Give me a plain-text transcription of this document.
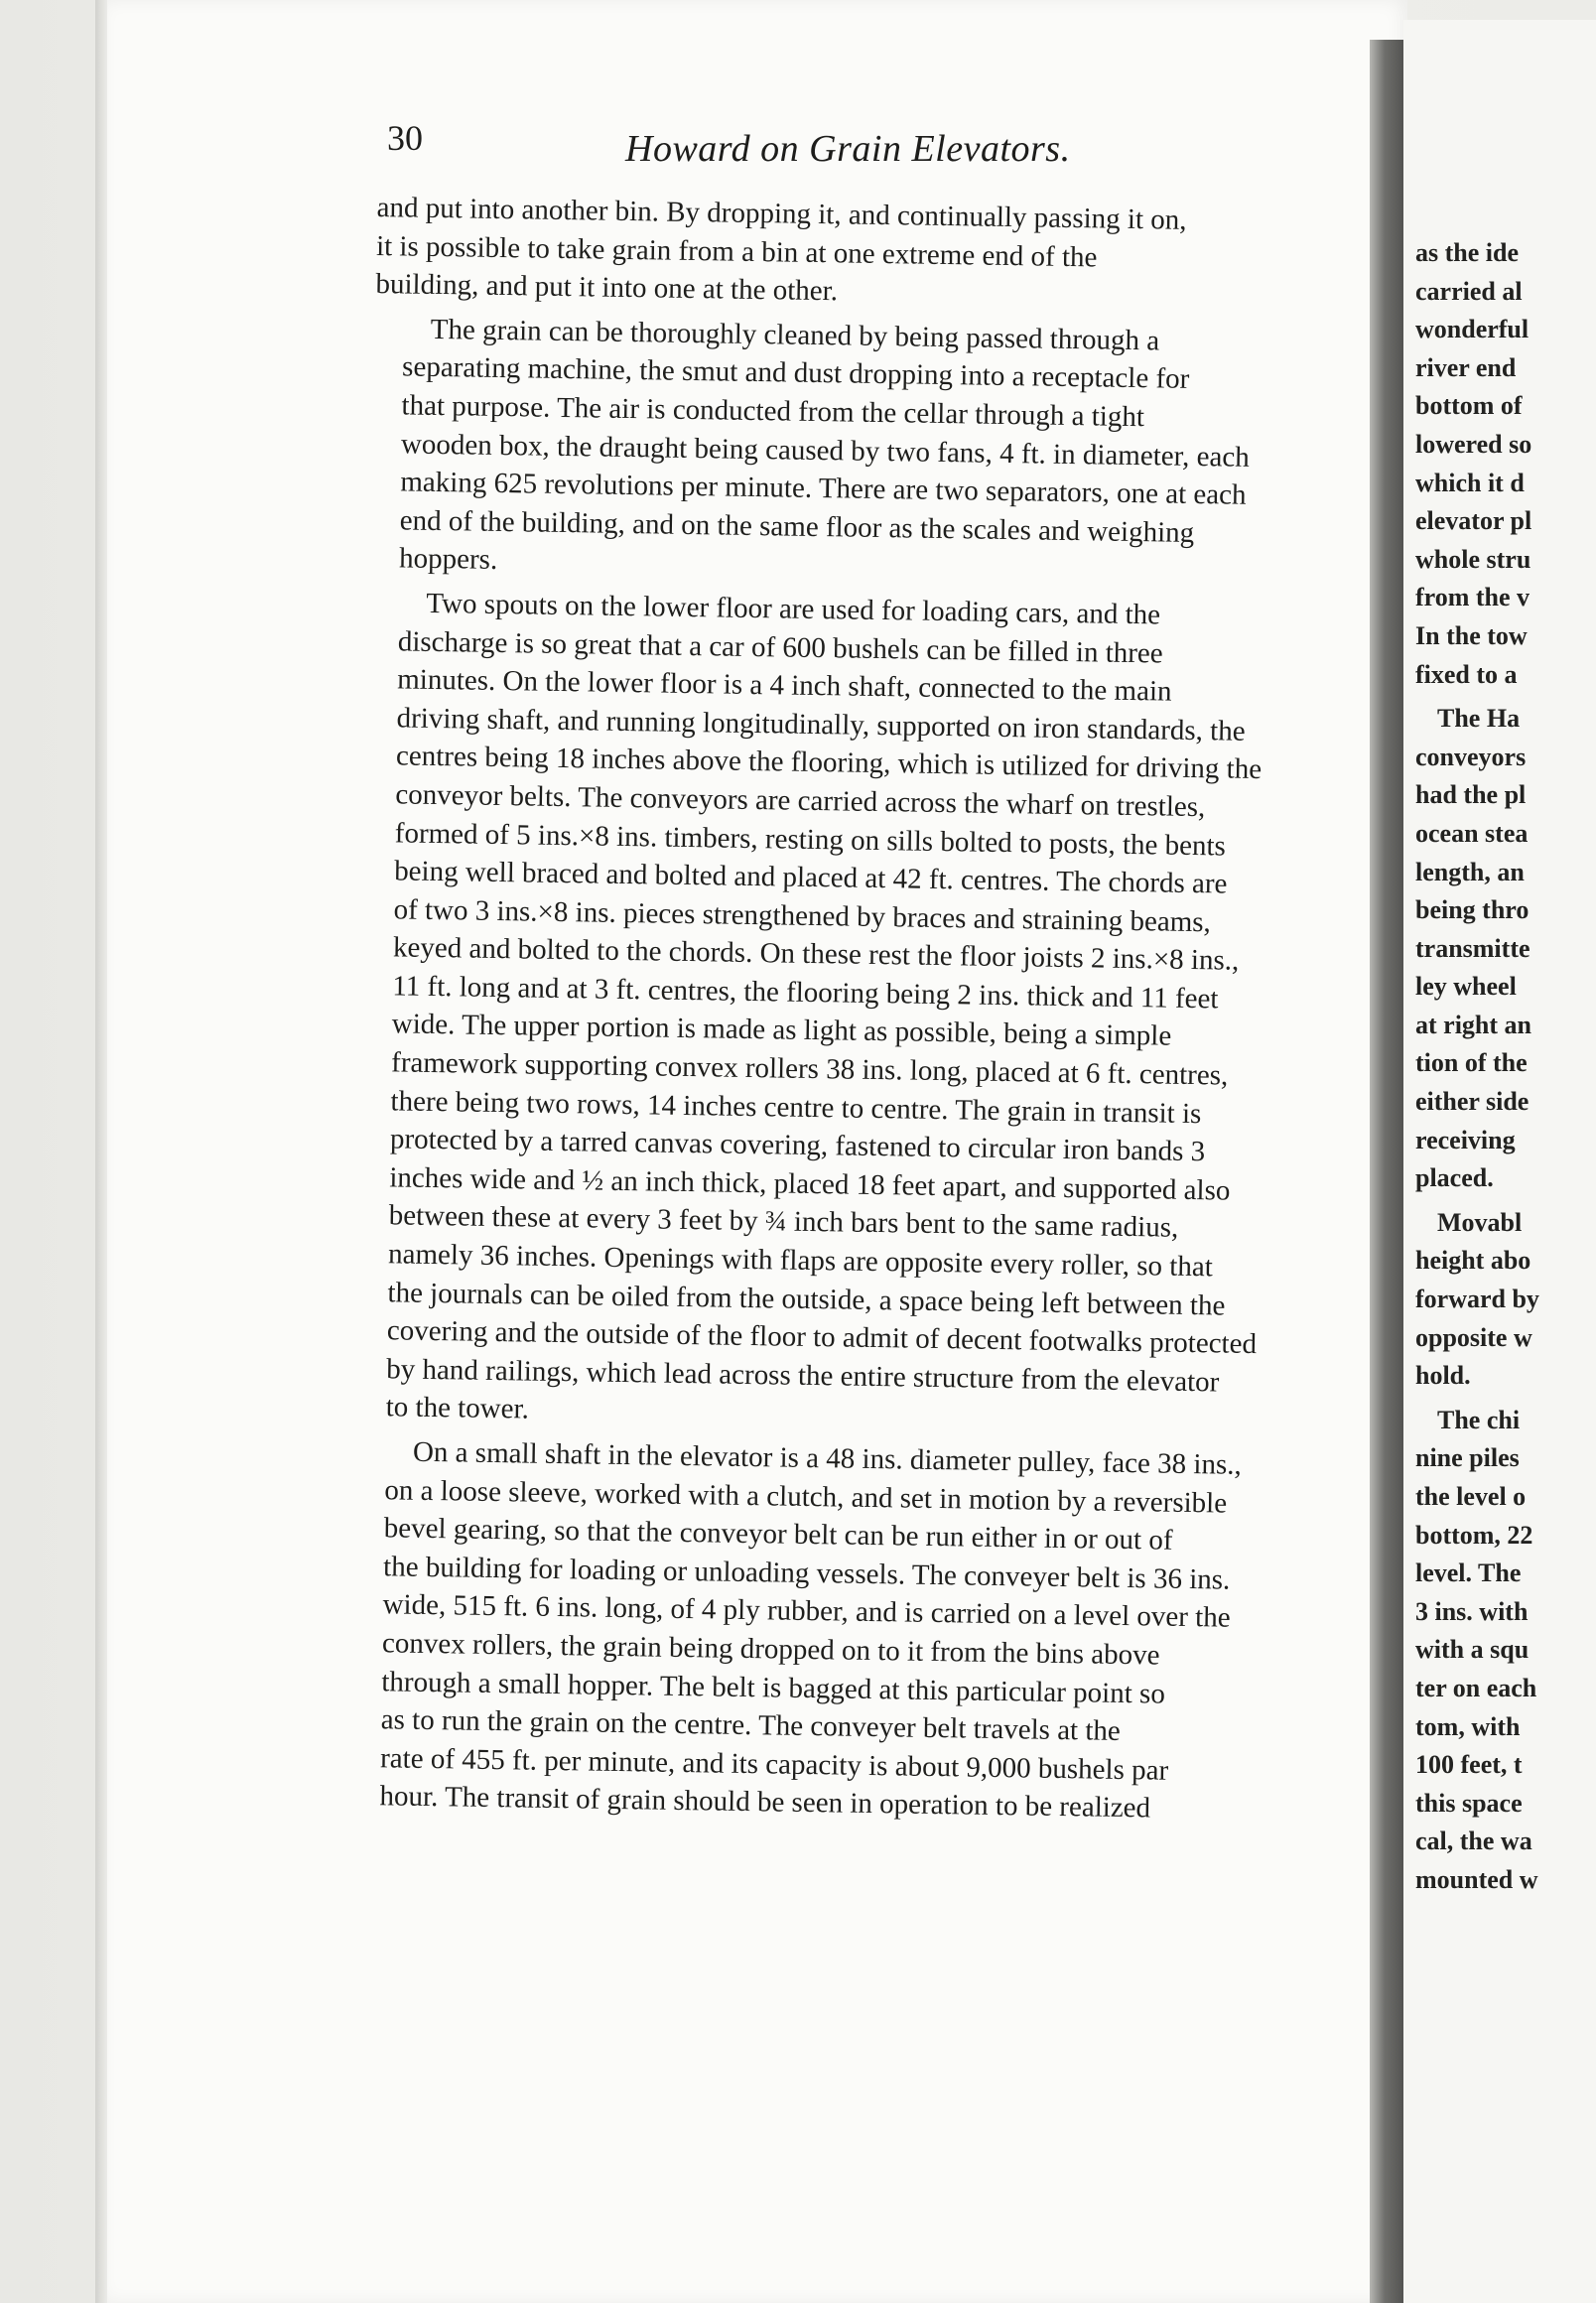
30	Howard on Grain Elevators.
and put into another bin. By dropping it, and continually passing it on,
it is possible to take grain from a bin at one extreme end of the
building, and put it into one at the other.
The grain can be thoroughly cleaned by being passed through a
separating machine, the smut and dust dropping into a receptacle for
that purpose. The air is conducted from the cellar through a tight
wooden box, the draught being caused by two fans, 4 ft. in diameter, each
making 625 revolutions per minute. There are two separators, one at each
end of the building, and on the same floor as the scales and weighing
hoppers.
Two spouts on the lower floor are used for loading cars, and the
discharge is so great that a car of 600 bushels can be filled in three
minutes. On the lower floor is a 4 inch shaft, connected to the main
driving shaft, and running longitudinally, supported on iron standards, the
centres being 18 inches above the flooring, which is utilized for driving the
conveyor belts. The conveyors are carried across the wharf on trestles,
formed of 5 ins.×8 ins. timbers, resting on sills bolted to posts, the bents
being well braced and bolted and placed at 42 ft. centres. The chords are
of two 3 ins.×8 ins. pieces strengthened by braces and straining beams,
keyed and bolted to the chords. On these rest the floor joists 2 ins.×8 ins.,
11 ft. long and at 3 ft. centres, the flooring being 2 ins. thick and 11 feet
wide. The upper portion is made as light as possible, being a simple
framework supporting convex rollers 38 ins. long, placed at 6 ft. centres,
there being two rows, 14 inches centre to centre. The grain in transit is
protected by a tarred canvas covering, fastened to circular iron bands 3
inches wide and ½ an inch thick, placed 18 feet apart, and supported also
between these at every 3 feet by ¾ inch bars bent to the same radius,
namely 36 inches. Openings with flaps are opposite every roller, so that
the journals can be oiled from the outside, a space being left between the
covering and the outside of the floor to admit of decent footwalks protected
by hand railings, which lead across the entire structure from the elevator
to the tower.
On a small shaft in the elevator is a 48 ins. diameter pulley, face 38 ins.,
on a loose sleeve, worked with a clutch, and set in motion by a reversible
bevel gearing, so that the conveyor belt can be run either in or out of
the building for loading or unloading vessels. The conveyer belt is 36 ins.
wide, 515 ft. 6 ins. long, of 4 ply rubber, and is carried on a level over the
convex rollers, the grain being dropped on to it from the bins above
through a small hopper. The belt is bagged at this particular point so
as to run the grain on the centre. The conveyer belt travels at the
rate of 455 ft. per minute, and its capacity is about 9,000 bushels par
hour. The transit of grain should be seen in operation to be realized
as the ide
carried al
wonderful
river end
bottom of
lowered so
which it d
elevator pl
whole stru
from the v
In the tow
fixed to a
The Ha
conveyors
had the pl
ocean stea
length, an
being thro
transmitte
ley wheel
at right an
tion of the
either side
receiving
placed.
Movabl
height abo
forward by
opposite w
hold.
The chi
nine piles
the level o
bottom, 22
level. The
3 ins. with
with a squ
ter on each
tom, with
100 feet, t
this space
cal, the wa
mounted w
